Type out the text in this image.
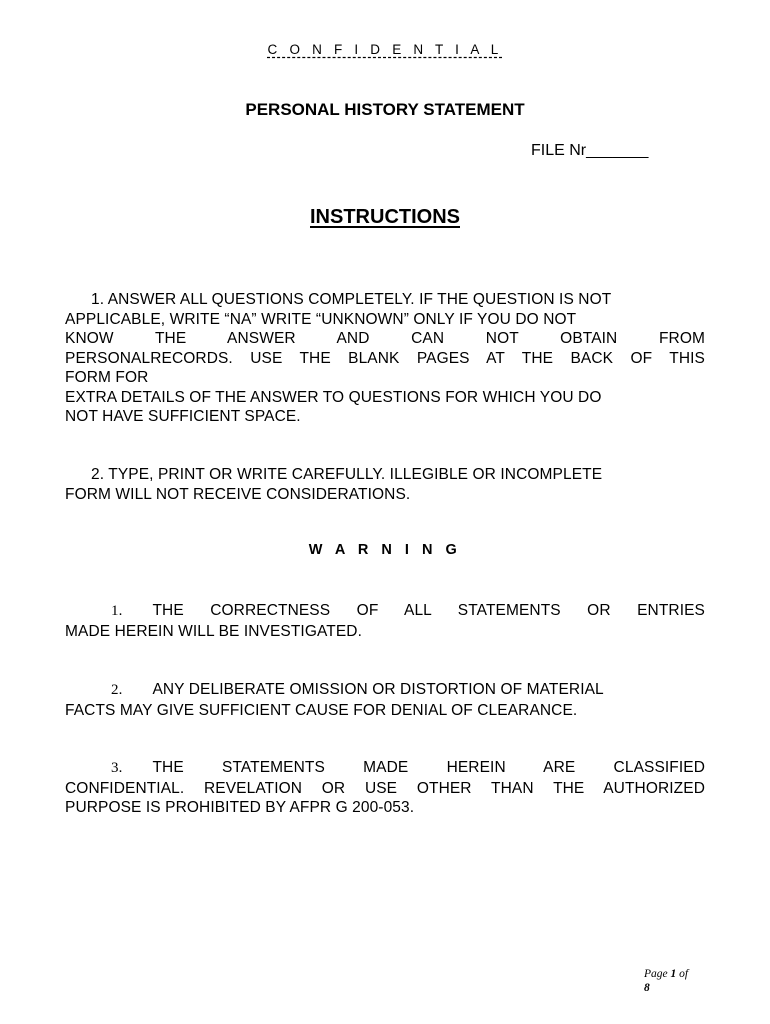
C O N F I D E N T I A L
PERSONAL HISTORY STATEMENT
FILE Nr_______
INSTRUCTIONS
1. ANSWER ALL QUESTIONS COMPLETELY. IF THE QUESTION IS NOT
APPLICABLE, WRITE “NA” WRITE “UNKNOWN” ONLY IF YOU DO NOT
KNOW THE ANSWER AND CAN NOT OBTAIN FROM
PERSONALRECORDS. USE THE BLANK PAGES AT THE BACK OF THIS
FORM FOR
EXTRA DETAILS OF THE ANSWER TO QUESTIONS FOR WHICH YOU DO
NOT HAVE SUFFICIENT SPACE.
2. TYPE, PRINT OR WRITE CAREFULLY. ILLEGIBLE OR INCOMPLETE
FORM WILL NOT RECEIVE CONSIDERATIONS.
W A R N I N G
1. THE CORRECTNESS OF ALL STATEMENTS OR ENTRIES
MADE HEREIN WILL BE INVESTIGATED.
2. ANY DELIBERATE OMISSION OR DISTORTION OF MATERIAL
FACTS MAY GIVE SUFFICIENT CAUSE FOR DENIAL OF CLEARANCE.
3. THE STATEMENTS MADE HEREIN ARE CLASSIFIED
CONFIDENTIAL. REVELATION OR USE OTHER THAN THE AUTHORIZED
PURPOSE IS PROHIBITED BY AFPR G 200-053.
Page 1 of
8
